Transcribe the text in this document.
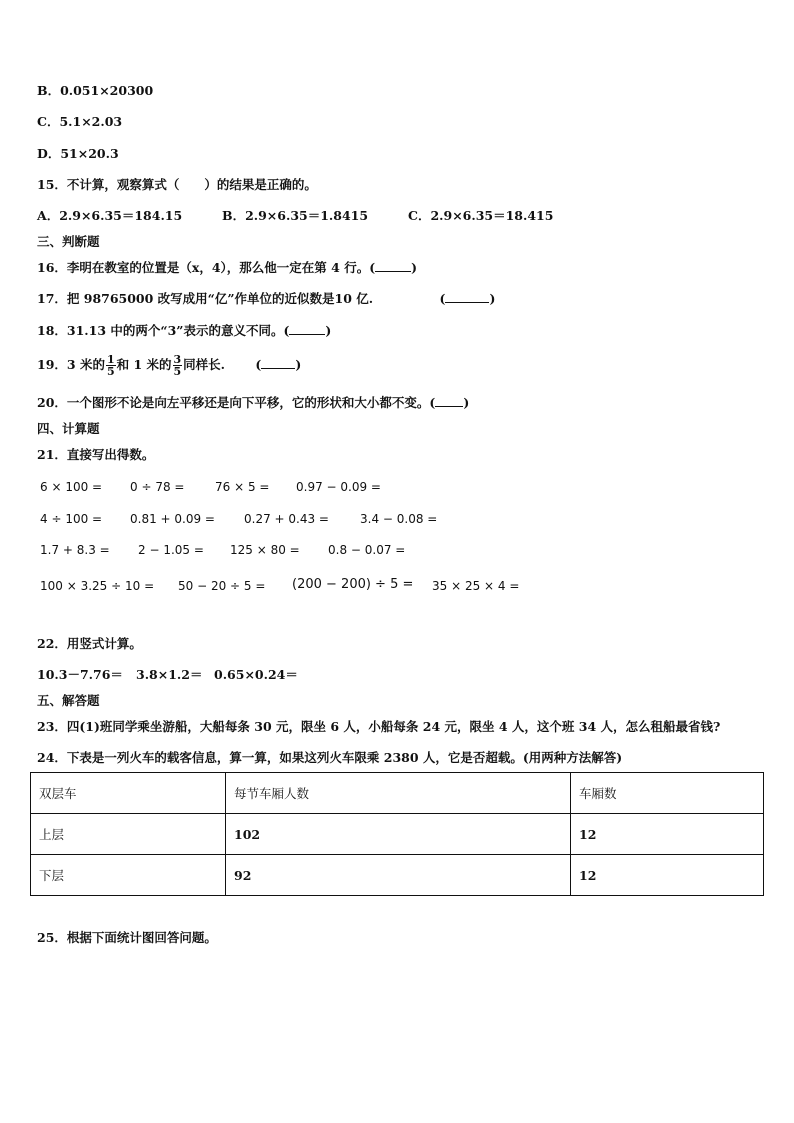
B．0.051×20300
C．5.1×2.03
D．51×20.3
15．不计算，观察算式（　　）的结果是正确的。
A．2.9×6.35＝184.15	B．2.9×6.35＝1.8415	C．2.9×6.35＝18.415
三、判断题
16．李明在教室的位置是（x，4），那么他一定在第 4 行。(	)
17．把 98765000 改写成用“亿”作单位的近似数是10 亿.	(	)
18．31.13 中的两个“3”表示的意义不同。(	)
19．3 米的 $\frac{1}{5}$ 和 1 米的 $\frac{3}{5}$ 同样长. (	)
20．一个图形不论是向左平移还是向下平移，它的形状和大小都不变。( )
四、计算题
21．直接写出得数。
6 × 100 = 0 ÷ 78 =	76 × 5 = 0.97 − 0.09 =
4 ÷ 100 = 0.81 + 0.09 = 0.27 + 0.43 =	3.4 − 0.08 =
1.7 + 8.3 = 2 − 1.05 = 125 × 80 = 0.8 − 0.07 =
100 × 3.25 ÷ 10 = 50 − 20 ÷ 5 = (200 − 200) ÷ 5 = 35 × 25 × 4 =
22．用竖式计算。
10.3－7.76＝ 3.8×1.2＝ 0.65×0.24＝
五、解答题
23．四(1)班同学乘坐游船，大船每条 30 元，限坐 6 人，小船每条 24 元，限坐 4 人，这个班 34 人，怎么租船最省钱?
24．下表是一列火车的载客信息，算一算，如果这列火车限乘 2380 人，它是否超载。(用两种方法解答)
双层车	每节车厢人数	车厢数
上层	102	12
下层	92	12
25．根据下面统计图回答问题。
